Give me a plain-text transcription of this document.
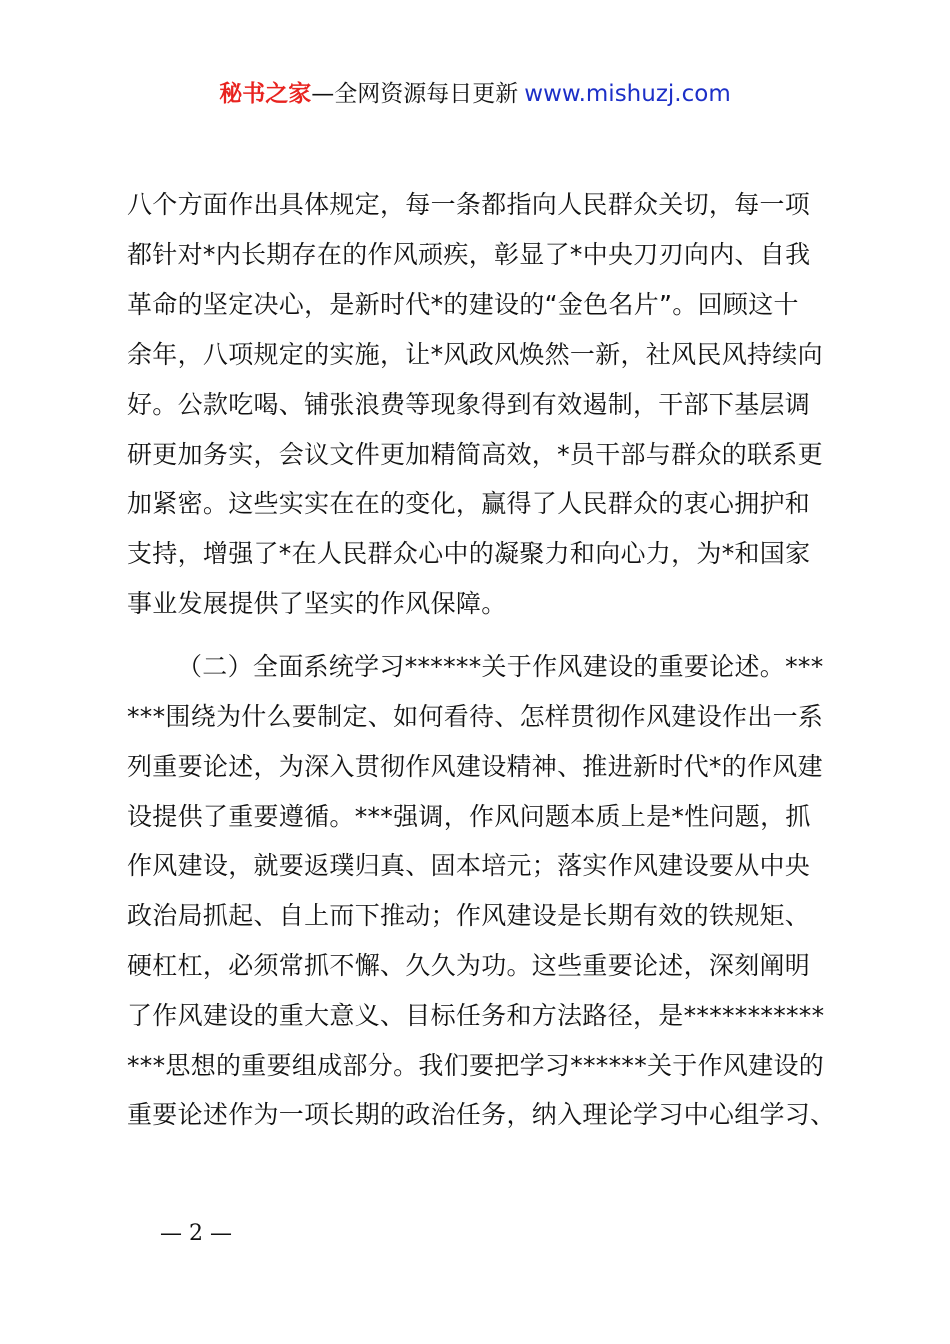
秘书之家—全网资源每日更新 www.mishuzj.com
八个方面作出具体规定，每一条都指向人民群众关切，每一项
都针对*内长期存在的作风顽疾，彰显了*中央刀刃向内、自我
革命的坚定决心，是新时代*的建设的“金色名片”。回顾这十
余年，八项规定的实施，让*风政风焕然一新，社风民风持续向
好。公款吃喝、铺张浪费等现象得到有效遏制，干部下基层调
研更加务实，会议文件更加精简高效，*员干部与群众的联系更
加紧密。这些实实在在的变化，赢得了人民群众的衷心拥护和
支持，增强了*在人民群众心中的凝聚力和向心力，为*和国家
事业发展提供了坚实的作风保障。
（二）全面系统学习******关于作风建设的重要论述。***
***围绕为什么要制定、如何看待、怎样贯彻作风建设作出一系
列重要论述，为深入贯彻作风建设精神、推进新时代*的作风建
设提供了重要遵循。***强调，作风问题本质上是*性问题，抓
作风建设，就要返璞归真、固本培元；落实作风建设要从中央
政治局抓起、自上而下推动；作风建设是长期有效的铁规矩、
硬杠杠，必须常抓不懈、久久为功。这些重要论述，深刻阐明
了作风建设的重大意义、目标任务和方法路径，是***********
***思想的重要组成部分。我们要把学习******关于作风建设的
重要论述作为一项长期的政治任务，纳入理论学习中心组学习、
— 2 —
